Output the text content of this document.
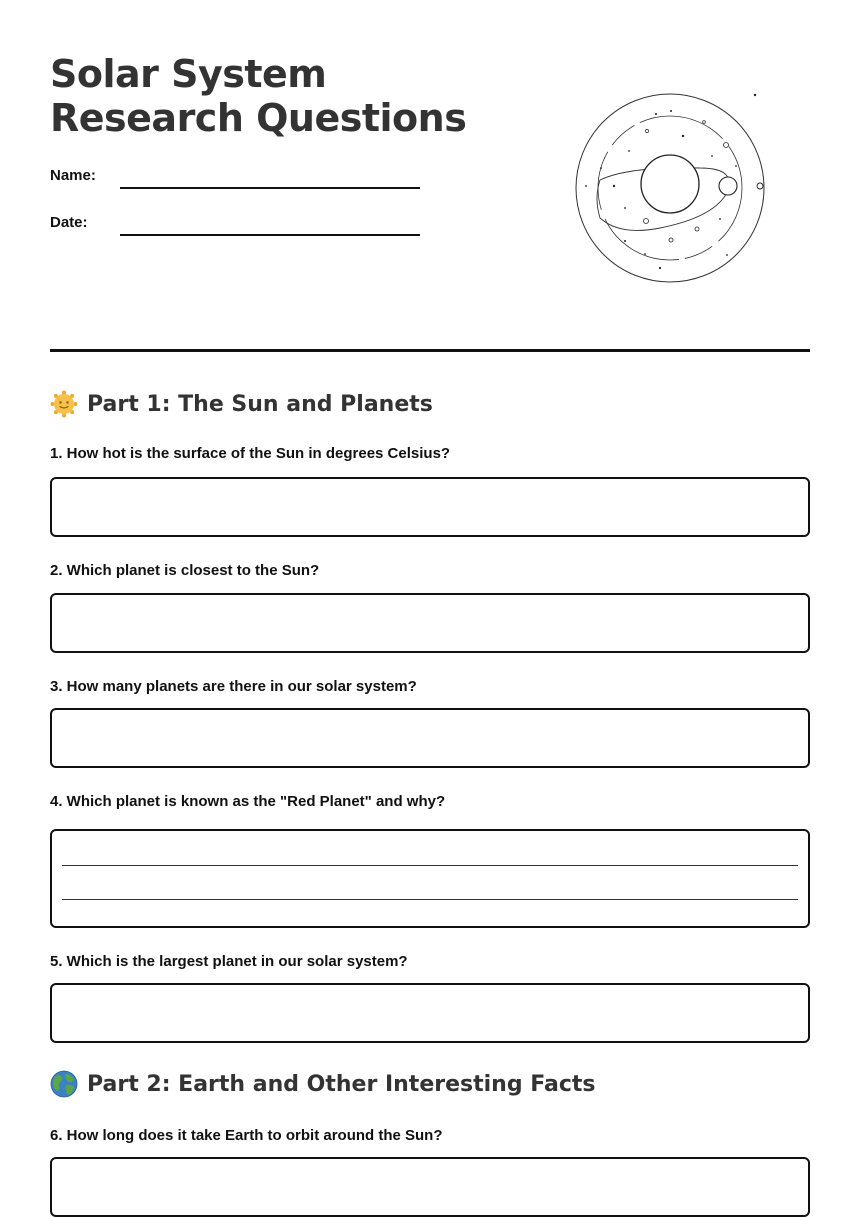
Solar System Research Questions
Name:
Date:
Part 1: The Sun and Planets
1. How hot is the surface of the Sun in degrees Celsius?
2. Which planet is closest to the Sun?
3. How many planets are there in our solar system?
4. Which planet is known as the "Red Planet" and why?
5. Which is the largest planet in our solar system?
Part 2: Earth and Other Interesting Facts
6. How long does it take Earth to orbit around the Sun?
